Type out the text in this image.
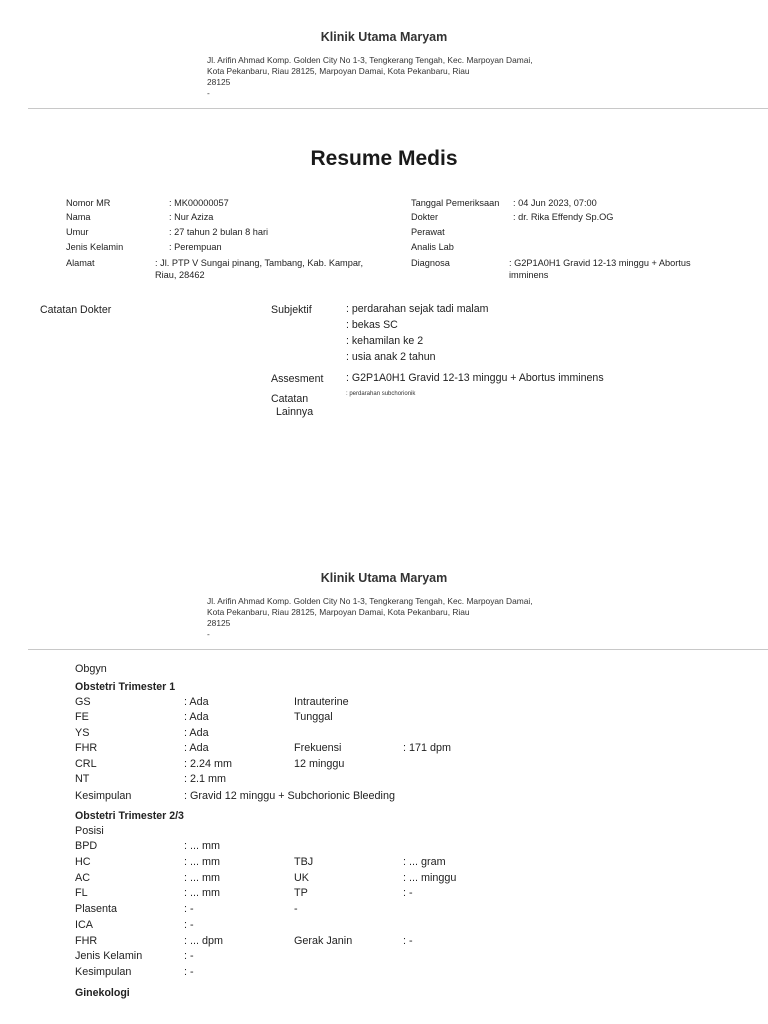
Klinik Utama Maryam
Jl. Arifin Ahmad Komp. Golden City No 1-3, Tengkerang Tengah, Kec. Marpoyan Damai,
Kota Pekanbaru, Riau 28125, Marpoyan Damai, Kota Pekanbaru, Riau
28125
-
Resume Medis
Nomor MR	: MK00000057
Nama	: Nur Aziza
Umur	: 27 tahun 2 bulan 8 hari
Jenis Kelamin	: Perempuan
Alamat	: Jl. PTP V Sungai pinang, Tambang, Kab. Kampar,
Riau, 28462
Tanggal Pemeriksaan : 04 Jun 2023, 07:00
Dokter	: dr. Rika Effendy Sp.OG
Perawat
Analis Lab
Diagnosa	: G2P1A0H1 Gravid 12-13 minggu + Abortus
imminens
Catatan Dokter	Subjektif	: perdarahan sejak tadi malam
: bekas SC
: kehamilan ke 2
: usia anak 2 tahun
Assesment : G2P1A0H1 Gravid 12-13 minggu + Abortus imminens
Catatan
Lainnya
: perdarahan subchorionik
Klinik Utama Maryam
Jl. Arifin Ahmad Komp. Golden City No 1-3, Tengkerang Tengah, Kec. Marpoyan Damai,
Kota Pekanbaru, Riau 28125, Marpoyan Damai, Kota Pekanbaru, Riau
28125
-
Obgyn
Obstetri Trimester 1
GS	: Ada	Intrauterine
FE	: Ada	Tunggal
YS	: Ada
FHR	: Ada	Frekuensi	: 171 dpm
CRL	: 2.24 mm	12 minggu
NT	: 2.1 mm
Kesimpulan	: Gravid 12 minggu + Subchorionic Bleeding
Obstetri Trimester 2/3
Posisi
BPD	: ... mm
HC	: ... mm	TBJ	: ... gram
AC	: ... mm	UK	: ... minggu
FL	: ... mm	TP	: -
Plasenta	: -	-
ICA	: -
FHR	: ... dpm	Gerak Janin	: -
Jenis Kelamin	: -
Kesimpulan	: -
Ginekologi
